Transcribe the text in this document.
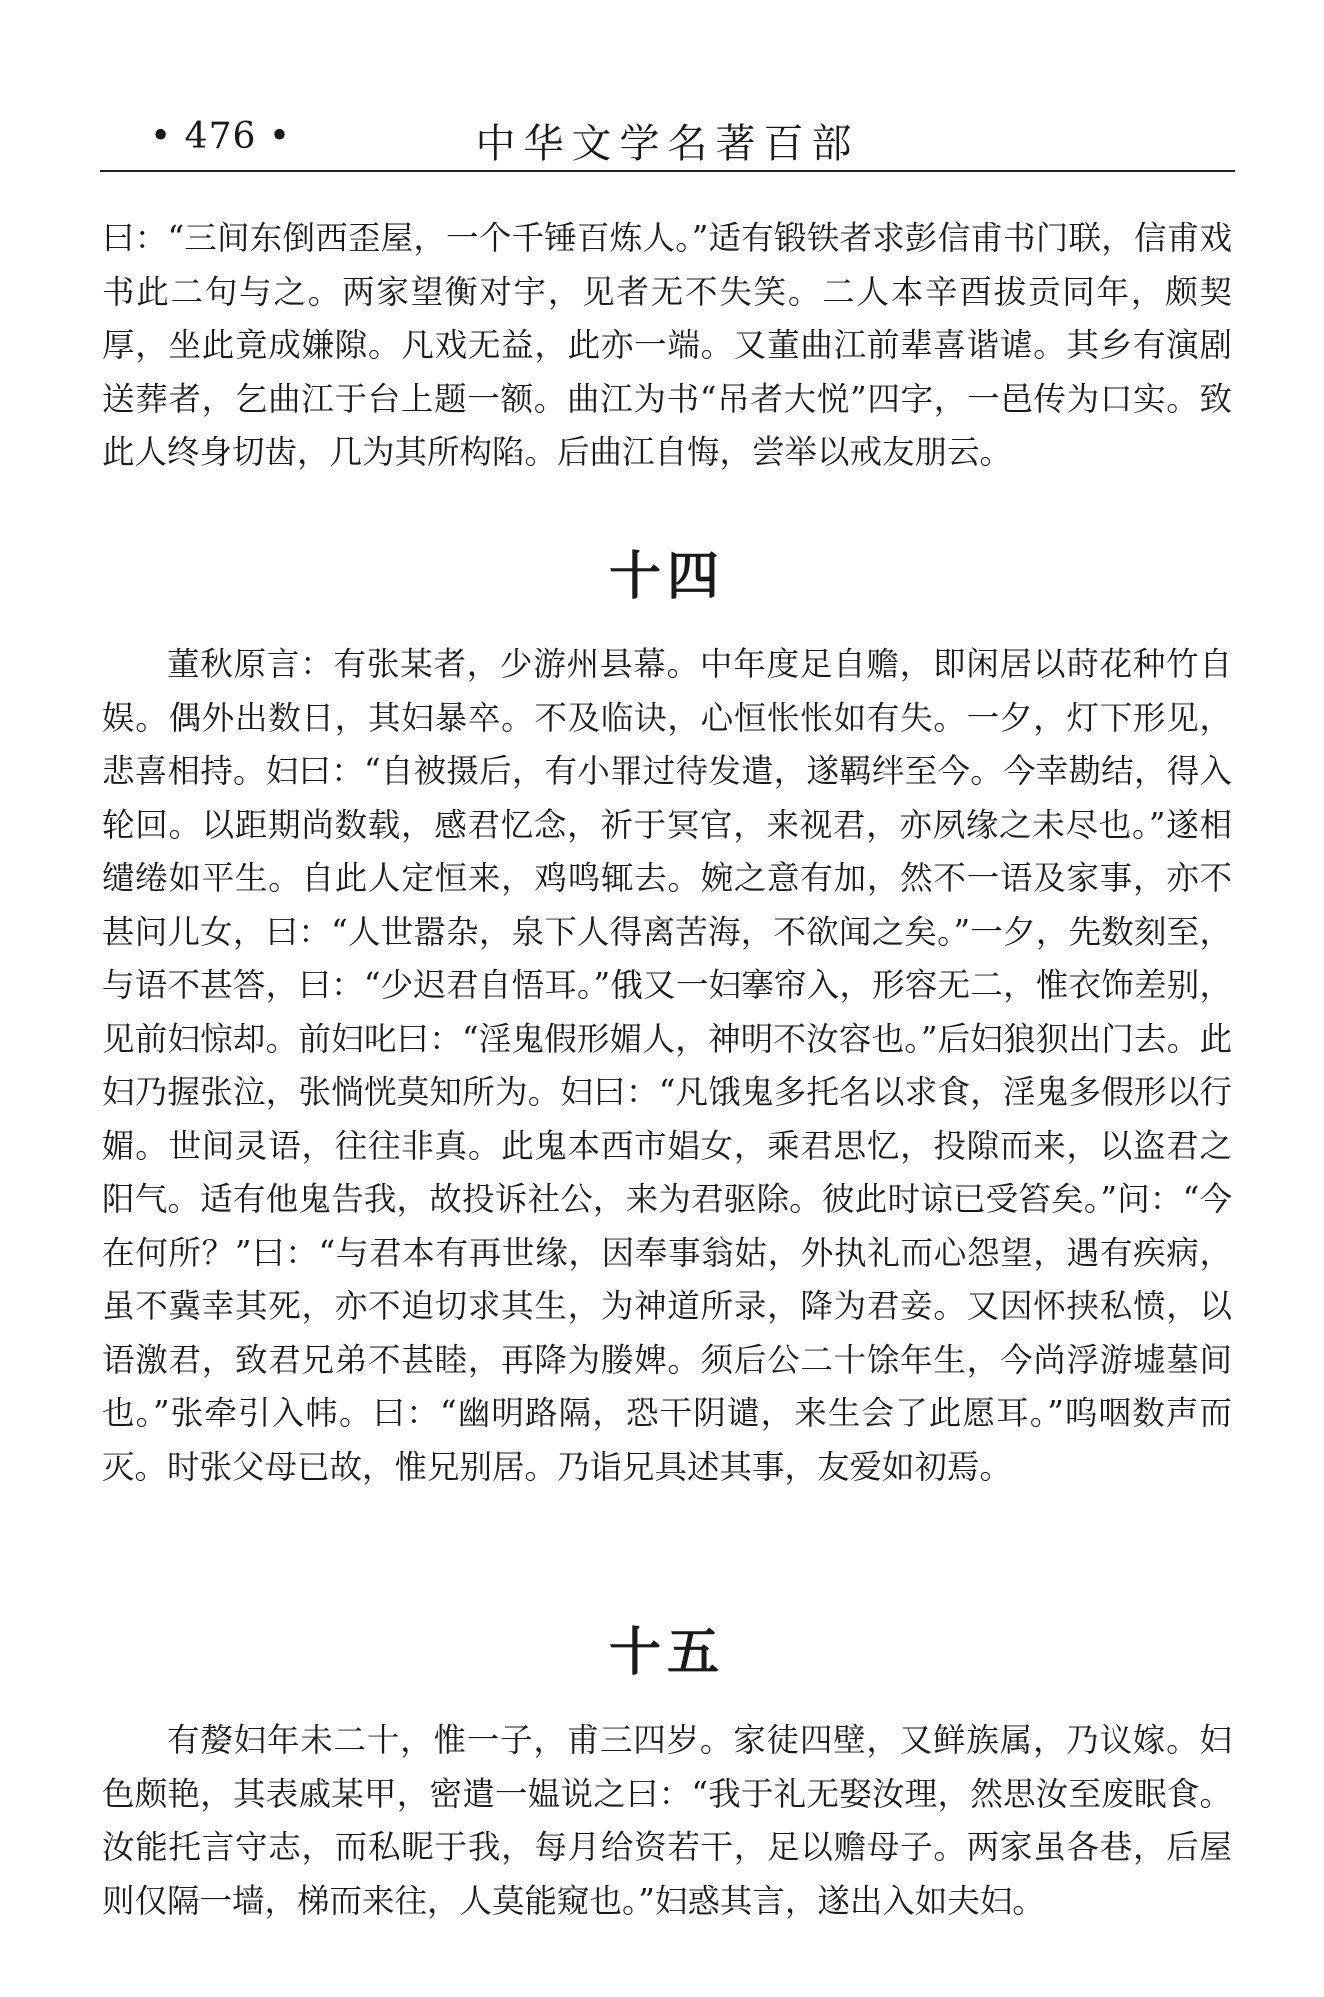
• 476 •	中华文学名著百部

曰：“三间东倒西歪屋，一个千锤百炼人。”适有锻铁者求彭信甫书门联，信甫戏书此二句与之。两家望衡对宇，见者无不失笑。二人本辛酉拔贡同年，颇契厚，坐此竟成嫌隙。凡戏无益，此亦一端。又董曲江前辈喜谐谑。其乡有演剧送葬者，乞曲江于台上题一额。曲江为书“吊者大悦”四字，一邑传为口实。致此人终身切齿，几为其所构陷。后曲江自悔，尝举以戒友朋云。

十四

董秋原言：有张某者，少游州县幕。中年度足自赡，即闲居以莳花种竹自娱。偶外出数日，其妇暴卒。不及临诀，心恒怅怅如有失。一夕，灯下形见，悲喜相持。妇曰：“自被摄后，有小罪过待发遣，遂羁绊至今。今幸勘结，得入轮回。以距期尚数载，感君忆念，祈于冥官，来视君，亦夙缘之未尽也。”遂相缱绻如平生。自此人定恒来，鸡鸣辄去。婉之意有加，然不一语及家事，亦不甚问儿女，曰：“人世嚣杂，泉下人得离苦海，不欲闻之矣。”一夕，先数刻至，与语不甚答，曰：“少迟君自悟耳。”俄又一妇搴帘入，形容无二，惟衣饰差别，见前妇惊却。前妇叱曰：“淫鬼假形媚人，神明不汝容也。”后妇狼狈出门去。此妇乃握张泣，张惝恍莫知所为。妇曰：“凡饿鬼多托名以求食，淫鬼多假形以行媚。世间灵语，往往非真。此鬼本西市娼女，乘君思忆，投隙而来，以盗君之阳气。适有他鬼告我，故投诉社公，来为君驱除。彼此时谅已受笞矣。”问：“今在何所？”曰：“与君本有再世缘，因奉事翁姑，外执礼而心怨望，遇有疾病，虽不冀幸其死，亦不迫切求其生，为神道所录，降为君妾。又因怀挟私愤，以语激君，致君兄弟不甚睦，再降为媵婢。须后公二十馀年生，今尚浮游墟墓间也。”张牵引入帏。曰：“幽明路隔，恐干阴谴，来生会了此愿耳。”呜咽数声而灭。时张父母已故，惟兄别居。乃诣兄具述其事，友爱如初焉。

十五

有嫠妇年未二十，惟一子，甫三四岁。家徒四壁，又鲜族属，乃议嫁。妇色颇艳，其表戚某甲，密遣一媪说之曰：“我于礼无娶汝理，然思汝至废眠食。汝能托言守志，而私昵于我，每月给资若干，足以赡母子。两家虽各巷，后屋则仅隔一墙，梯而来往，人莫能窥也。”妇惑其言，遂出入如夫妇。
